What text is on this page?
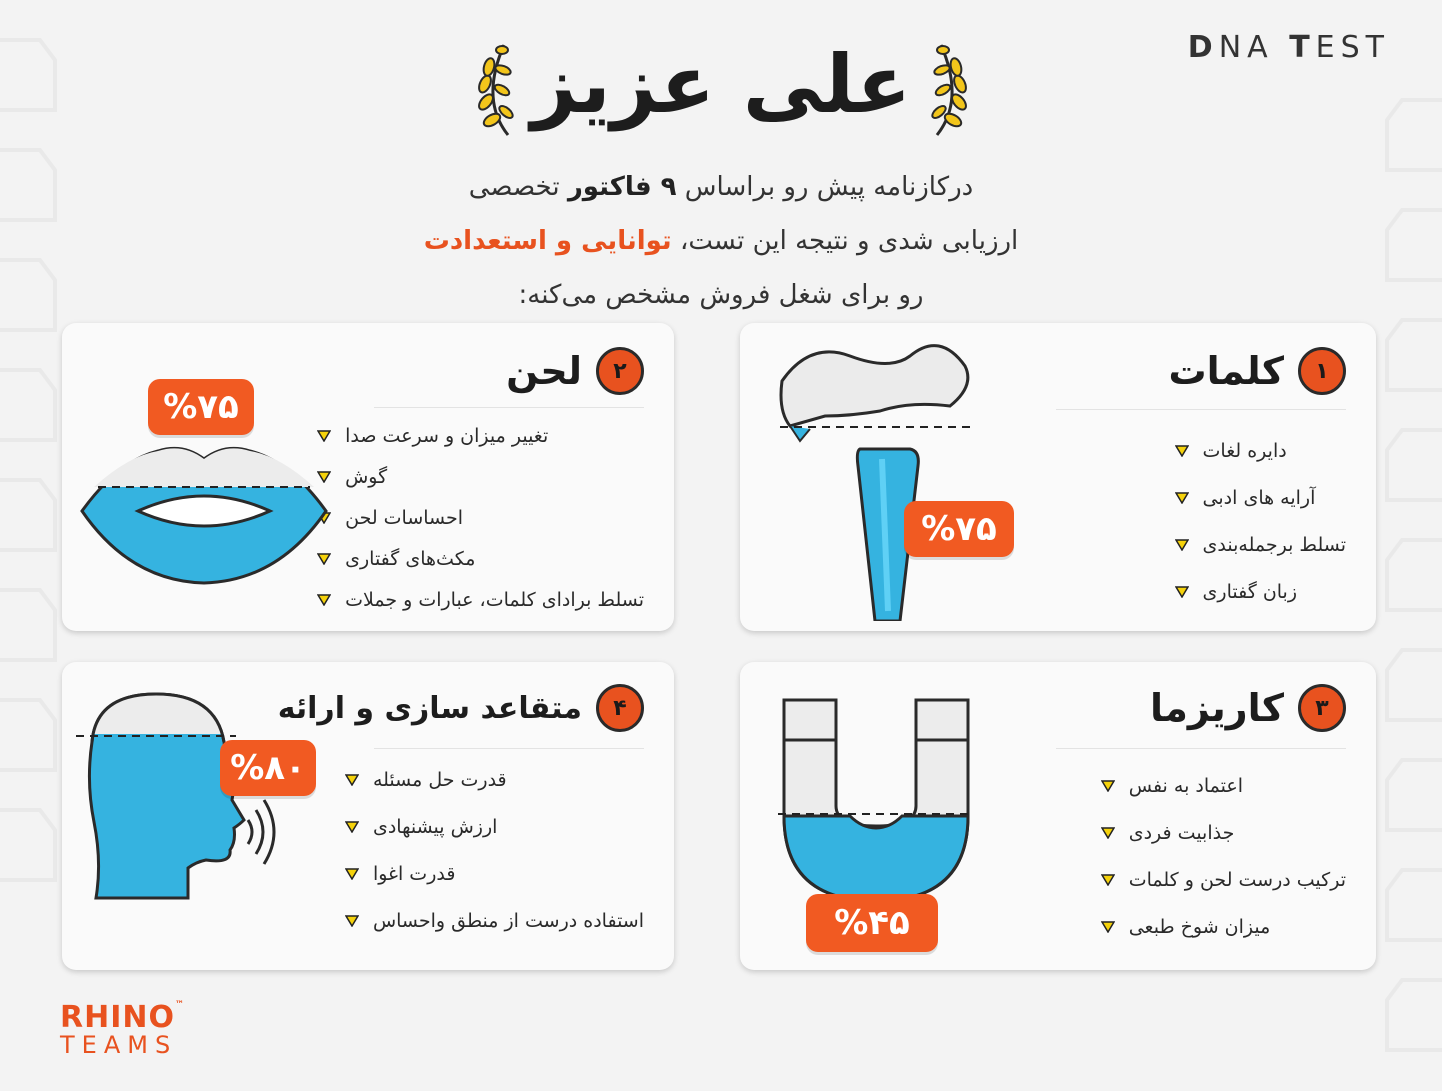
DNA TEST
علی عزیز
درکازنامه پیش رو براساس ۹ فاکتور تخصصی
ارزیابی شدی و نتیجه این تست، توانایی و استعدادت
رو برای شغل فروش مشخص می‌کنه:
۱
کلمات
دایره لغات
آرایه های ادبی
تسلط برجمله‌بندی
زبان گفتاری
%۷۵
۲
لحن
تغییر میزان و سرعت صدا
گوش
احساسات لحن
مکث‌های گفتاری
تسلط برادای کلمات، عبارات و جملات
%۷۵
۳
کاریزما
اعتماد به نفس
جذابیت فردی
ترکیب درست لحن و کلمات
میزان شوخ طبعی
%۴۵
۴
متقاعد سازی و ارائه
قدرت حل مسئله
ارزش پیشنهادی
قدرت اغوا
استفاده درست از منطق واحساس
%۸۰
RHINO™
TEAMS
